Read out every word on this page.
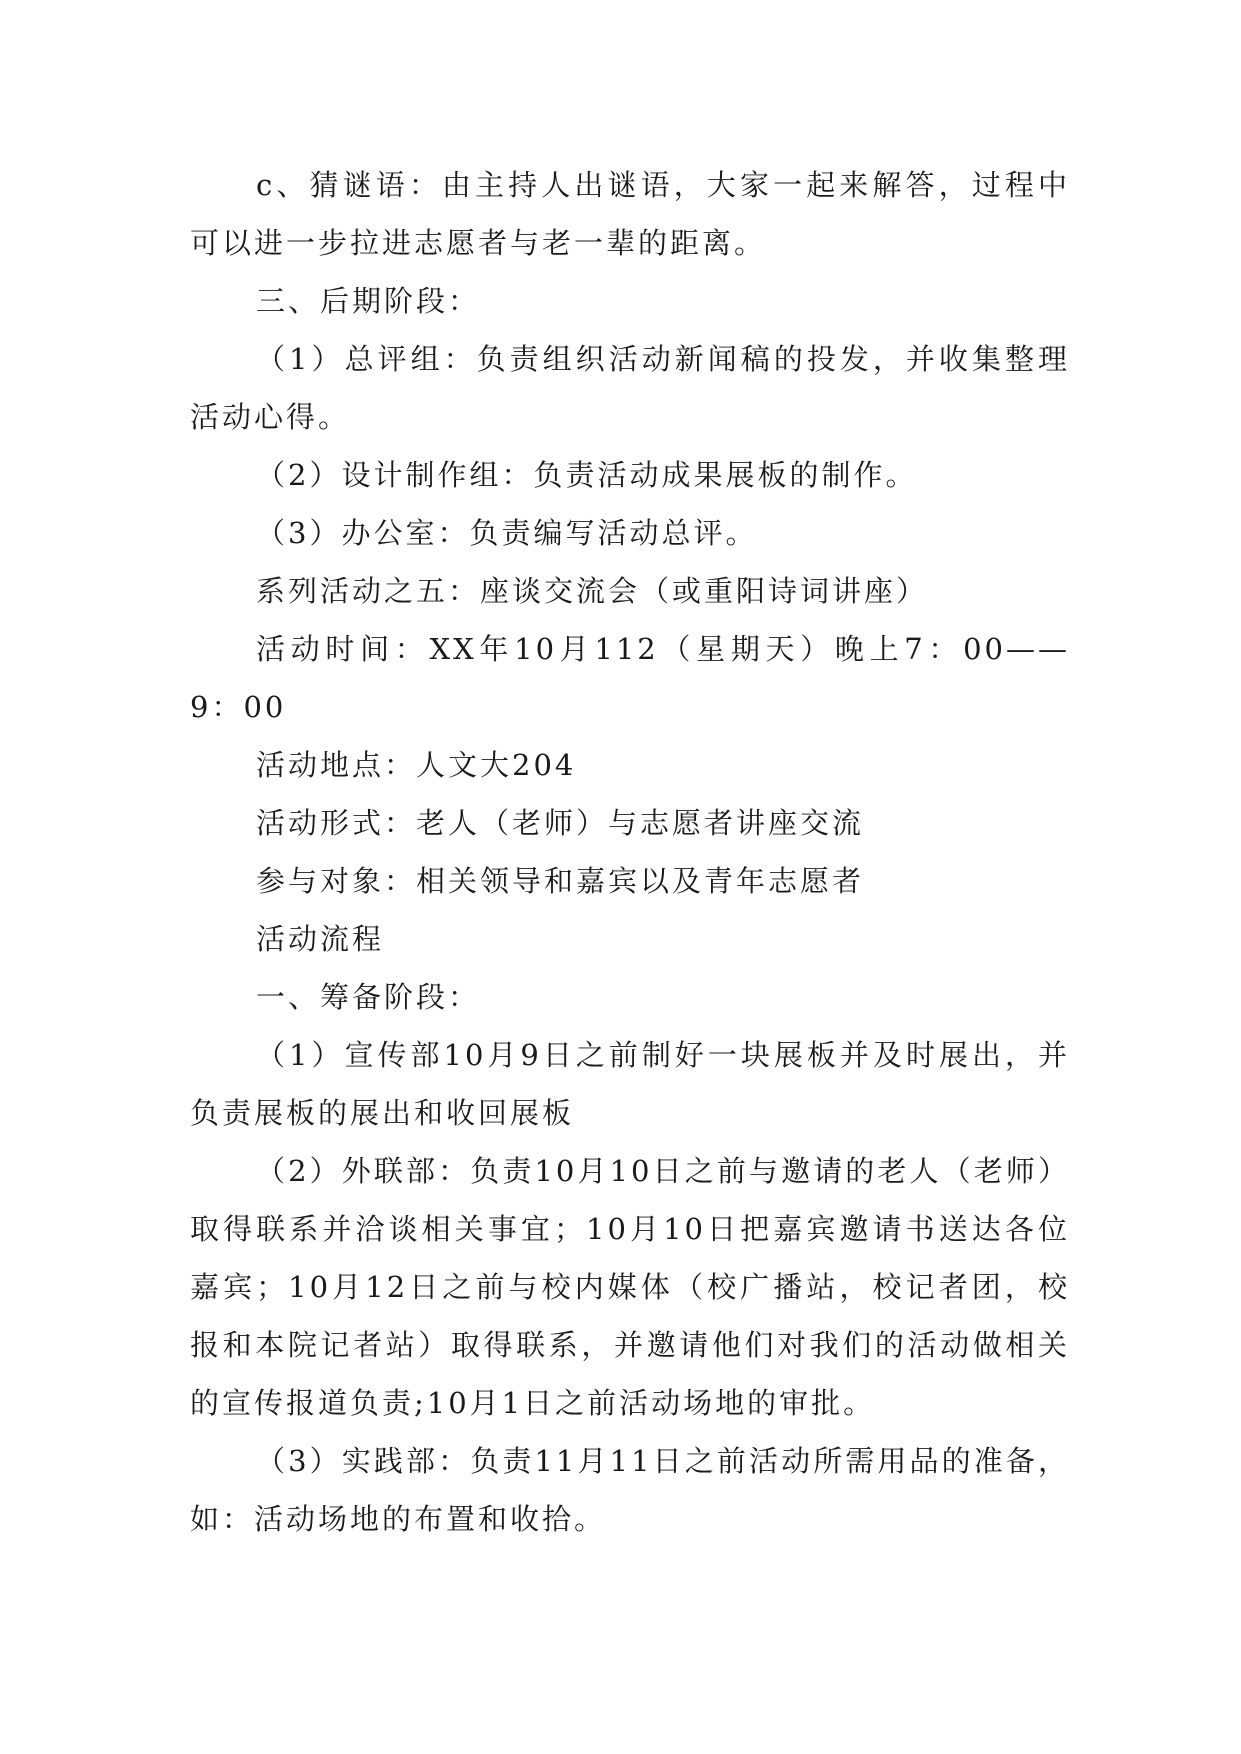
c、猜谜语：由主持人出谜语，大家一起来解答，过程中可以进一步拉进志愿者与老一辈的距离。

三、后期阶段：

（1）总评组：负责组织活动新闻稿的投发，并收集整理活动心得。

（2）设计制作组：负责活动成果展板的制作。

（3）办公室：负责编写活动总评。

系列活动之五：座谈交流会（或重阳诗词讲座）

活动时间：XX年10月112（星期天）晚上7：00——9：00

活动地点：人文大204

活动形式：老人（老师）与志愿者讲座交流

参与对象：相关领导和嘉宾以及青年志愿者

活动流程

一、筹备阶段：

（1）宣传部10月9日之前制好一块展板并及时展出，并负责展板的展出和收回展板

（2）外联部：负责10月10日之前与邀请的老人（老师）取得联系并洽谈相关事宜；10月10日把嘉宾邀请书送达各位嘉宾；10月12日之前与校内媒体（校广播站，校记者团，校报和本院记者站）取得联系，并邀请他们对我们的活动做相关的宣传报道负责;10月1日之前活动场地的审批。

（3）实践部：负责11月11日之前活动所需用品的准备，如：活动场地的布置和收拾。
